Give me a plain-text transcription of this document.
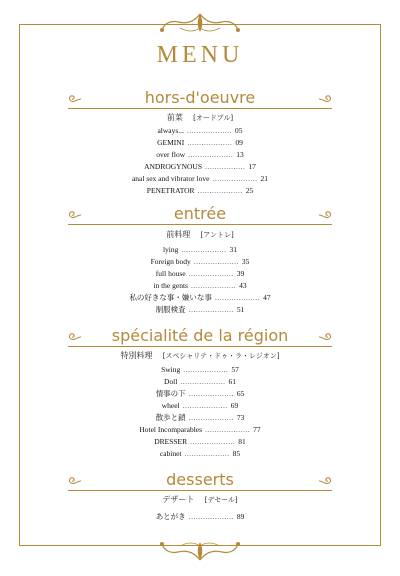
MENU
hors-d'oeuvre
前菜 [オードブル]
always... ................... 05
GEMINI ................... 09
over flow ................... 13
ANDROGYNOUS ................. 17
anal sex and vibrator love ................... 21
PENETRATOR ................... 25
entrée
前料理 [アントレ]
lying ................... 31
Foreign body ................... 35
full house ................... 39
in the gents ................... 43
私の好きな事・嫌いな事 ................... 47
制服検査 ................... 51
spécialité de la région
特別料理 [スペシャリテ・ドゥ・ラ・レジオン]
Swing ................... 57
Doll ................... 61
情事の下 ................... 65
wheel ................... 69
散歩と鎖 ................... 73
Hotel Incomparables ................... 77
DRESSER ................... 81
cabinet ................... 85
desserts
デザート [デセール]
あとがき ................... 89
